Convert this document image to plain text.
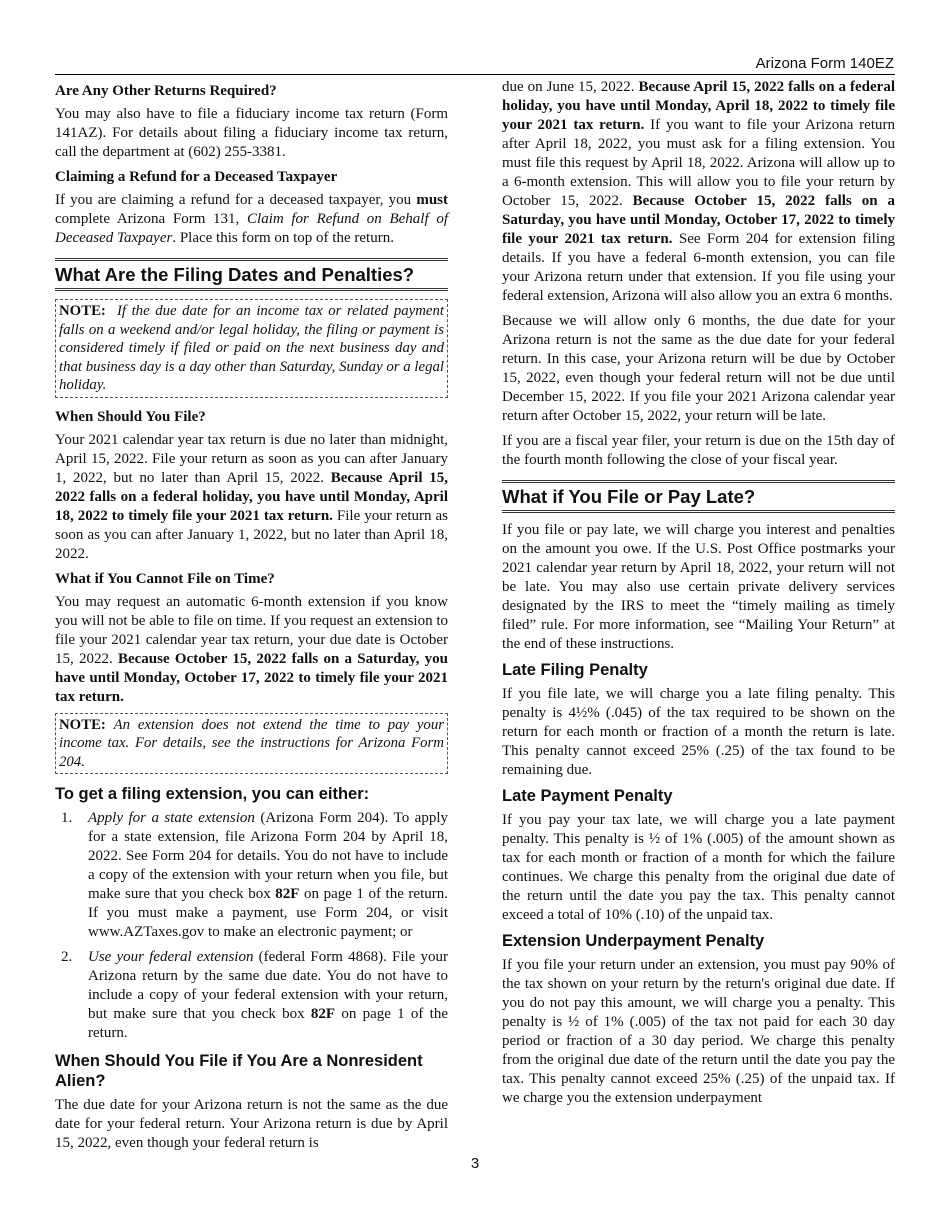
Arizona Form 140EZ
Are Any Other Returns Required?

You may also have to file a fiduciary income tax return (Form 141AZ). For details about filing a fiduciary income tax return, call the department at (602) 255-3381.

Claiming a Refund for a Deceased Taxpayer

If you are claiming a refund for a deceased taxpayer, you must complete Arizona Form 131, Claim for Refund on Behalf of Deceased Taxpayer. Place this form on top of the return.

What Are the Filing Dates and Penalties?
NOTE: If the due date for an income tax or related payment falls on a weekend and/or legal holiday, the filing or payment is considered timely if filed or paid on the next business day and that business day is a day other than Saturday, Sunday or a legal holiday.
When Should You File?

Your 2021 calendar year tax return is due no later than midnight, April 15, 2022. File your return as soon as you can after January 1, 2022, but no later than April 15, 2022. Because April 15, 2022 falls on a federal holiday, you have until Monday, April 18, 2022 to timely file your 2021 tax return. File your return as soon as you can after January 1, 2022, but no later than April 18, 2022.

What if You Cannot File on Time?

You may request an automatic 6-month extension if you know you will not be able to file on time. If you request an extension to file your 2021 calendar year tax return, your due date is October 15, 2022. Because October 15, 2022 falls on a Saturday, you have until Monday, October 17, 2022 to timely file your 2021 tax return.

NOTE: An extension does not extend the time to pay your income tax. For details, see the instructions for Arizona Form 204.
To get a filing extension, you can either:
1. Apply for a state extension (Arizona Form 204). To apply for a state extension, file Arizona Form 204 by April 18, 2022. See Form 204 for details. You do not have to include a copy of the extension with your return when you file, but make sure that you check box 82F on page 1 of the return. If you must make a payment, use Form 204, or visit www.AZTaxes.gov to make an electronic payment; or
2. Use your federal extension (federal Form 4868). File your Arizona return by the same due date. You do not have to include a copy of your federal extension with your return, but make sure that you check box 82F on page 1 of the return.
When Should You File if You Are a Nonresident Alien?

The due date for your Arizona return is not the same as the due date for your federal return. Your Arizona return is due by April 15, 2022, even though your federal return is

due on June 15, 2022. Because April 15, 2022 falls on a federal holiday, you have until Monday, April 18, 2022 to timely file your 2021 tax return. If you want to file your Arizona return after April 18, 2022, you must ask for a filing extension. You must file this request by April 18, 2022. Arizona will allow up to a 6-month extension. This will allow you to file your return by October 15, 2022. Because October 15, 2022 falls on a Saturday, you have until Monday, October 17, 2022 to timely file your 2021 tax return. See Form 204 for extension filing details. If you have a federal 6-month extension, you can file your Arizona return under that extension. If you file using your federal extension, Arizona will also allow you an extra 6 months.

Because we will allow only 6 months, the due date for your Arizona return is not the same as the due date for your federal return. In this case, your Arizona return will be due by October 15, 2022, even though your federal return will not be due until December 15, 2022. If you file your 2021 Arizona calendar year return after October 15, 2022, your return will be late.

If you are a fiscal year filer, your return is due on the 15th day of the fourth month following the close of your fiscal year.

What if You File or Pay Late?

If you file or pay late, we will charge you interest and penalties on the amount you owe. If the U.S. Post Office postmarks your 2021 calendar year return by April 18, 2022, your return will not be late. You may also use certain private delivery services designated by the IRS to meet the “timely mailing as timely filed” rule. For more information, see “Mailing Your Return” at the end of these instructions.

Late Filing Penalty

If you file late, we will charge you a late filing penalty. This penalty is 4½% (.045) of the tax required to be shown on the return for each month or fraction of a month the return is late. This penalty cannot exceed 25% (.25) of the tax found to be remaining due.

Late Payment Penalty

If you pay your tax late, we will charge you a late payment penalty. This penalty is ½ of 1% (.005) of the amount shown as tax for each month or fraction of a month for which the failure continues. We charge this penalty from the original due date of the return until the date you pay the tax. This penalty cannot exceed a total of 10% (.10) of the unpaid tax.

Extension Underpayment Penalty

If you file your return under an extension, you must pay 90% of the tax shown on your return by the return's original due date. If you do not pay this amount, we will charge you a penalty. This penalty is ½ of 1% (.005) of the tax not paid for each 30 day period or fraction of a 30 day period. We charge this penalty from the original due date of the return until the date you pay the tax. This penalty cannot exceed 25% (.25) of the unpaid tax. If we charge you the extension underpayment

3
